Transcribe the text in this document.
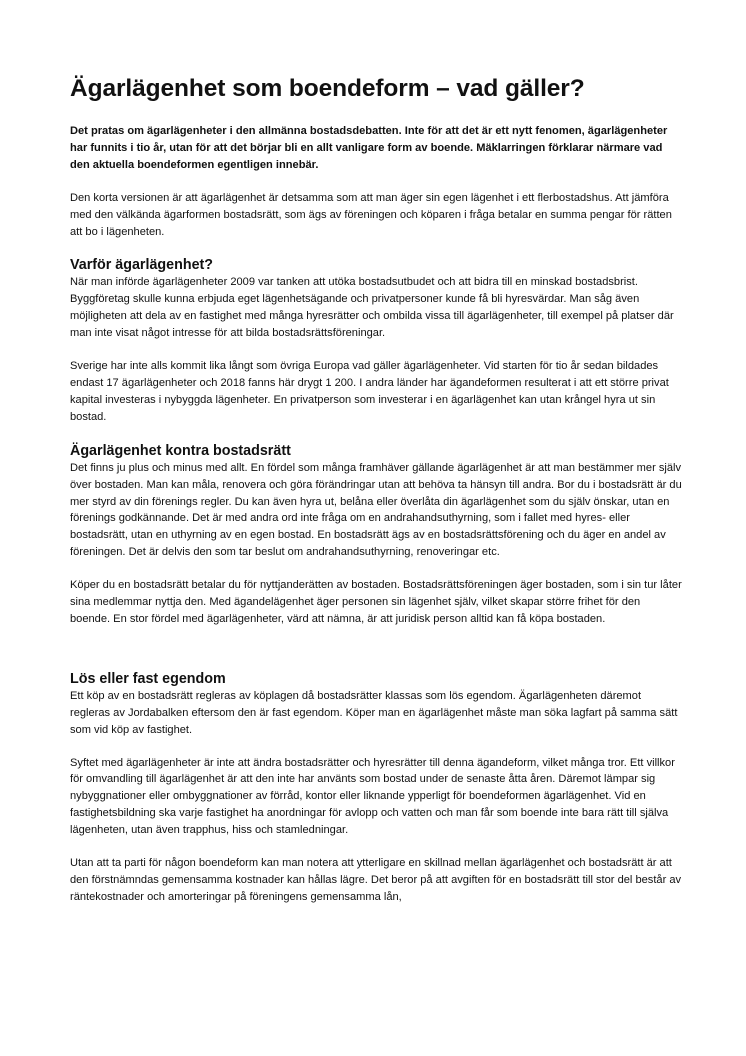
Ägarlägenhet som boendeform – vad gäller?

Det pratas om ägarlägenheter i den allmänna bostadsdebatten. Inte för att det är ett nytt fenomen, ägarlägenheter har funnits i tio år, utan för att det börjar bli en allt vanligare form av boende. Mäklarringen förklarar närmare vad den aktuella boendeformen egentligen innebär.

Den korta versionen är att ägarlägenhet är detsamma som att man äger sin egen lägenhet i ett flerbostadshus. Att jämföra med den välkända ägarformen bostadsrätt, som ägs av föreningen och köparen i fråga betalar en summa pengar för rätten att bo i lägenheten.

Varför ägarlägenhet?

När man införde ägarlägenheter 2009 var tanken att utöka bostadsutbudet och att bidra till en minskad bostadsbrist. Byggföretag skulle kunna erbjuda eget lägenhetsägande och privatpersoner kunde få bli hyresvärdar. Man såg även möjligheten att dela av en fastighet med många hyresrätter och ombilda vissa till ägarlägenheter, till exempel på platser där man inte visat något intresse för att bilda bostadsrättsföreningar.

Sverige har inte alls kommit lika långt som övriga Europa vad gäller ägarlägenheter. Vid starten för tio år sedan bildades endast 17 ägarlägenheter och 2018 fanns här drygt 1 200. I andra länder har ägandeformen resulterat i att ett större privat kapital investeras i nybyggda lägenheter. En privatperson som investerar i en ägarlägenhet kan utan krångel hyra ut sin bostad.

Ägarlägenhet kontra bostadsrätt

Det finns ju plus och minus med allt. En fördel som många framhäver gällande ägarlägenhet är att man bestämmer mer själv över bostaden. Man kan måla, renovera och göra förändringar utan att behöva ta hänsyn till andra. Bor du i bostadsrätt är du mer styrd av din förenings regler. Du kan även hyra ut, belåna eller överlåta din ägarlägenhet som du själv önskar, utan en förenings godkännande. Det är med andra ord inte fråga om en andrahandsuthyrning, som i fallet med hyres- eller bostadsrätt, utan en uthyrning av en egen bostad. En bostadsrätt ägs av en bostadsrättsförening och du äger en andel av föreningen. Det är delvis den som tar beslut om andrahandsuthyrning, renoveringar etc.

Köper du en bostadsrätt betalar du för nyttjanderätten av bostaden. Bostadsrättsföreningen äger bostaden, som i sin tur låter sina medlemmar nyttja den. Med ägandelägenhet äger personen sin lägenhet själv, vilket skapar större frihet för den boende. En stor fördel med ägarlägenheter, värd att nämna, är att juridisk person alltid kan få köpa bostaden.

Lös eller fast egendom

Ett köp av en bostadsrätt regleras av köplagen då bostadsrätter klassas som lös egendom. Ägarlägenheten däremot regleras av Jordabalken eftersom den är fast egendom. Köper man en ägarlägenhet måste man söka lagfart på samma sätt som vid köp av fastighet.

Syftet med ägarlägenheter är inte att ändra bostadsrätter och hyresrätter till denna ägandeform, vilket många tror. Ett villkor för omvandling till ägarlägenhet är att den inte har använts som bostad under de senaste åtta åren. Däremot lämpar sig nybyggnationer eller ombyggnationer av förråd, kontor eller liknande ypperligt för boendeformen ägarlägenhet. Vid en fastighetsbildning ska varje fastighet ha anordningar för avlopp och vatten och man får som boende inte bara rätt till själva lägenheten, utan även trapphus, hiss och stamledningar.

Utan att ta parti för någon boendeform kan man notera att ytterligare en skillnad mellan ägarlägenhet och bostadsrätt är att den förstnämndas gemensamma kostnader kan hållas lägre. Det beror på att avgiften för en bostadsrätt till stor del består av räntekostnader och amorteringar på föreningens gemensamma lån,
